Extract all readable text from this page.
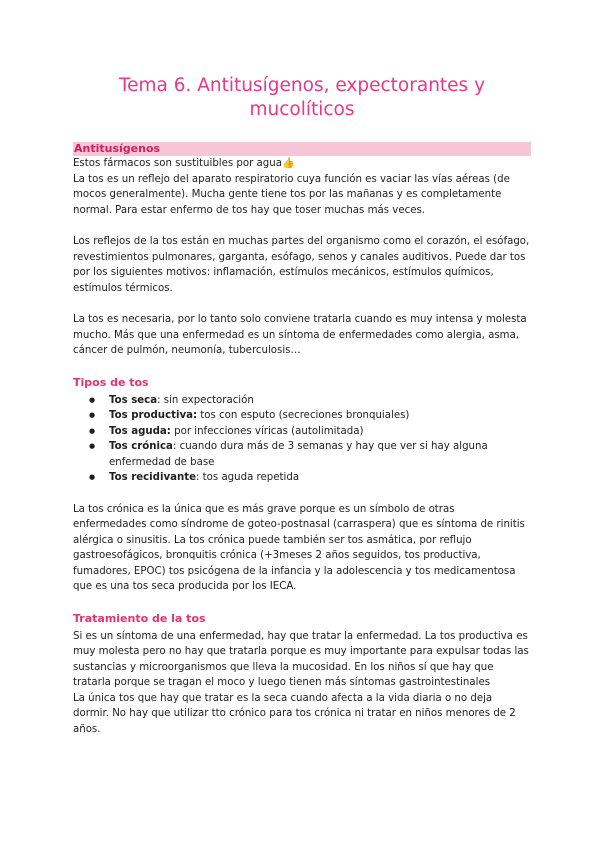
Tema 6. Antitusígenos, expectorantes y mucolíticos
Antitusígenos

Estos fármacos son sustituibles por agua👍

La tos es un reflejo del aparato respiratorio cuya función es vaciar las vías aéreas (de mocos generalmente). Mucha gente tiene tos por las mañanas y es completamente normal. Para estar enfermo de tos hay que toser muchas más veces.

Los reflejos de la tos están en muchas partes del organismo como el corazón, el esófago, revestimientos pulmonares, garganta, esófago, senos y canales auditivos. Puede dar tos por los siguientes motivos: inflamación, estímulos mecánicos, estímulos químicos, estímulos térmicos.

La tos es necesaria, por lo tanto solo conviene tratarla cuando es muy intensa y molesta mucho. Más que una enfermedad es un síntoma de enfermedades como alergia, asma, cáncer de pulmón, neumonía, tuberculosis…

Tipos de tos
● Tos seca: sin expectoración
● Tos productiva: tos con esputo (secreciones bronquiales)
● Tos aguda: por infecciones víricas (autolimitada)
● Tos crónica: cuando dura más de 3 semanas y hay que ver si hay alguna enfermedad de base
● Tos recidivante: tos aguda repetida

La tos crónica es la única que es más grave porque es un símbolo de otras enfermedades como síndrome de goteo-postnasal (carraspera) que es síntoma de rinitis alérgica o sinusitis. La tos crónica puede también ser tos asmática, por reflujo gastroesofágicos, bronquitis crónica (+3meses 2 años seguidos, tos productiva, fumadores, EPOC) tos psicógena de la infancia y la adolescencia y tos medicamentosa que es una tos seca producida por los IECA.

Tratamiento de la tos

Si es un síntoma de una enfermedad, hay que tratar la enfermedad. La tos productiva es muy molesta pero no hay que tratarla porque es muy importante para expulsar todas las sustancias y microorganismos que lleva la mucosidad. En los niños sí que hay que tratarla porque se tragan el moco y luego tienen más síntomas gastrointestinales

La única tos que hay que tratar es la seca cuando afecta a la vida diaria o no deja dormir. No hay que utilizar tto crónico para tos crónica ni tratar en niños menores de 2 años.
